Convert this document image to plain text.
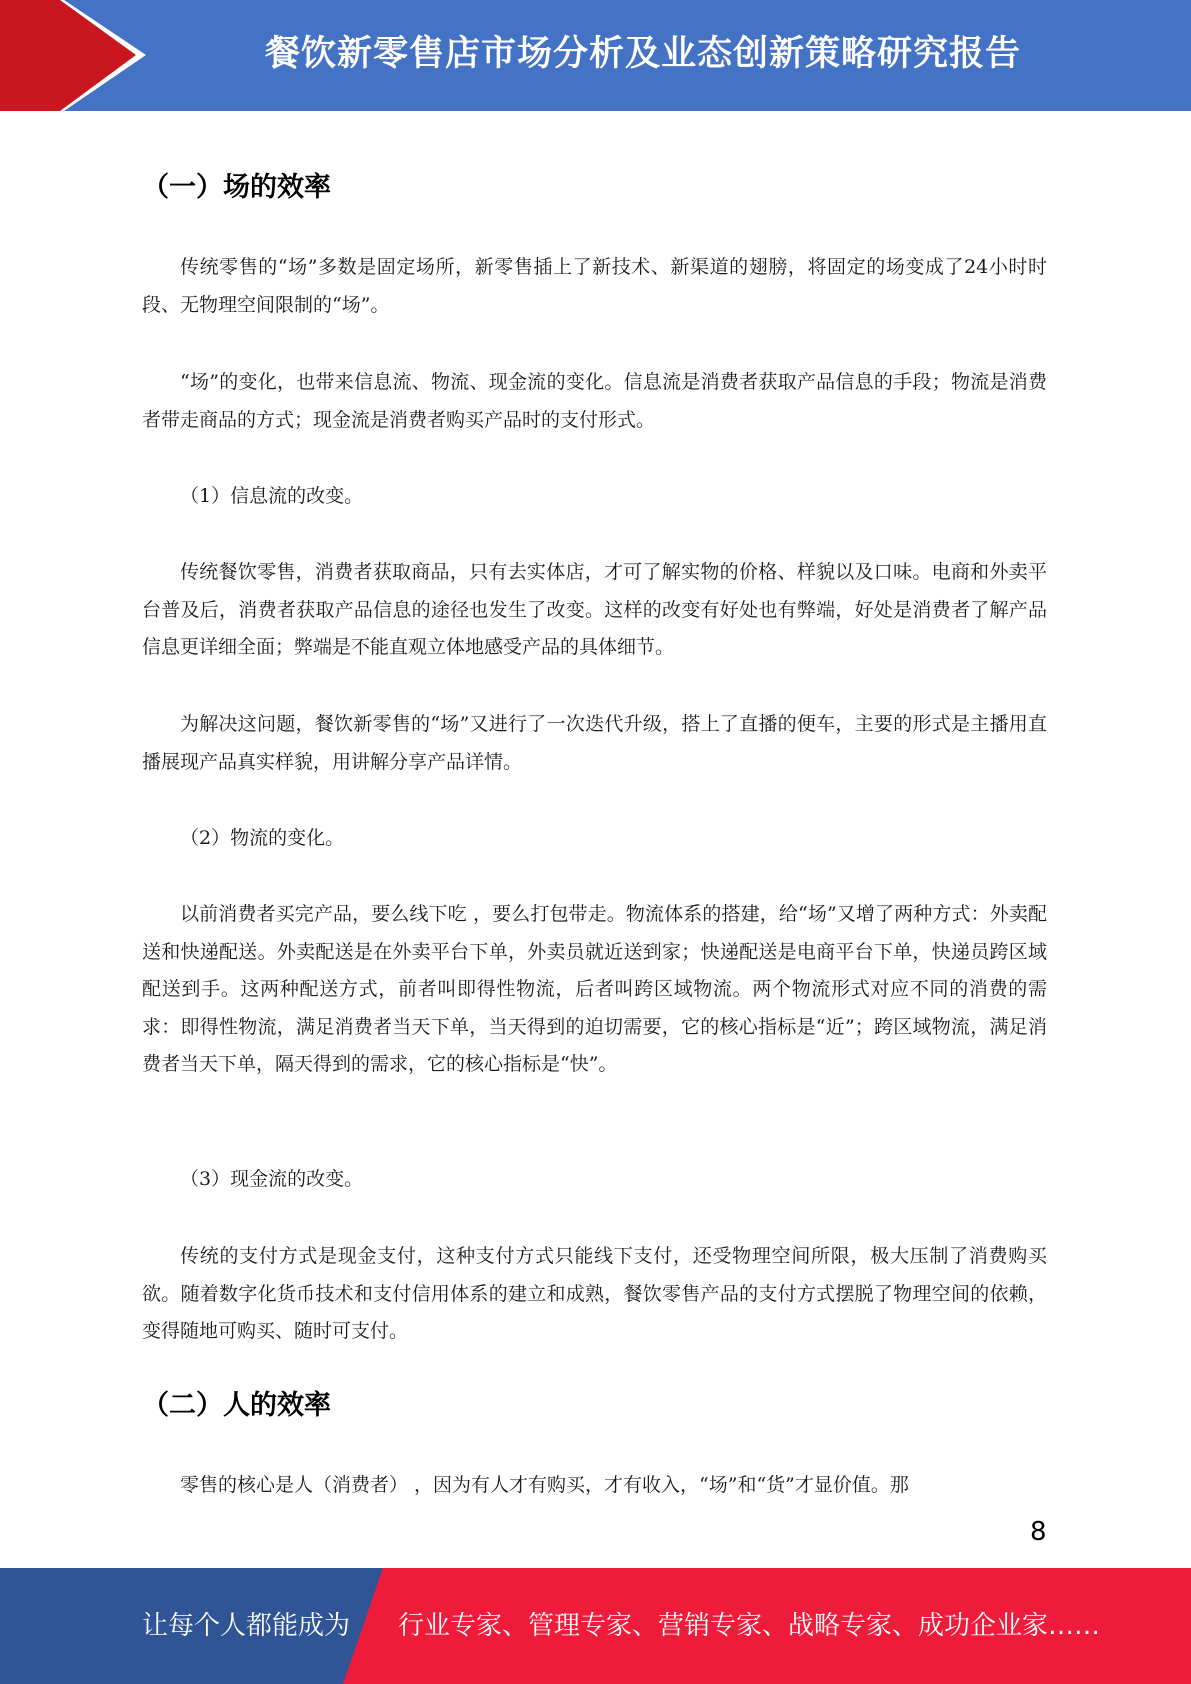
餐饮新零售店市场分析及业态创新策略研究报告
（一）场的效率

传统零售的“场”多数是固定场所，新零售插上了新技术、新渠道的翅膀，将固定的场变成了24小时时段、无物理空间限制的“场”。

“场”的变化，也带来信息流、物流、现金流的变化。信息流是消费者获取产品信息的手段；物流是消费者带走商品的方式；现金流是消费者购买产品时的支付形式。

（1）信息流的改变。

传统餐饮零售，消费者获取商品，只有去实体店，才可了解实物的价格、样貌以及口味。电商和外卖平台普及后，消费者获取产品信息的途径也发生了改变。这样的改变有好处也有弊端，好处是消费者了解产品信息更详细全面；弊端是不能直观立体地感受产品的具体细节。

为解决这问题，餐饮新零售的“场”又进行了一次迭代升级，搭上了直播的便车，主要的形式是主播用直播展现产品真实样貌，用讲解分享产品详情。

（2）物流的变化。

以前消费者买完产品，要么线下吃 ，要么打包带走。物流体系的搭建，给“场”又增了两种方式：外卖配送和快递配送。外卖配送是在外卖平台下单，外卖员就近送到家；快递配送是电商平台下单，快递员跨区域配送到手。这两种配送方式，前者叫即得性物流，后者叫跨区域物流。两个物流形式对应不同的消费的需求：即得性物流，满足消费者当天下单，当天得到的迫切需要，它的核心指标是“近”；跨区域物流，满足消费者当天下单，隔天得到的需求，它的核心指标是“快”。

（3）现金流的改变。

传统的支付方式是现金支付，这种支付方式只能线下支付，还受物理空间所限，极大压制了消费购买欲。随着数字化货币技术和支付信用体系的建立和成熟，餐饮零售产品的支付方式摆脱了物理空间的依赖，变得随地可购买、随时可支付。

（二）人的效率

零售的核心是人（消费者） ，因为有人才有购买，才有收入，“场”和“货”才显价值。那

8
让每个人都能成为 行业专家、管理专家、营销专家、战略专家、成功企业家……
